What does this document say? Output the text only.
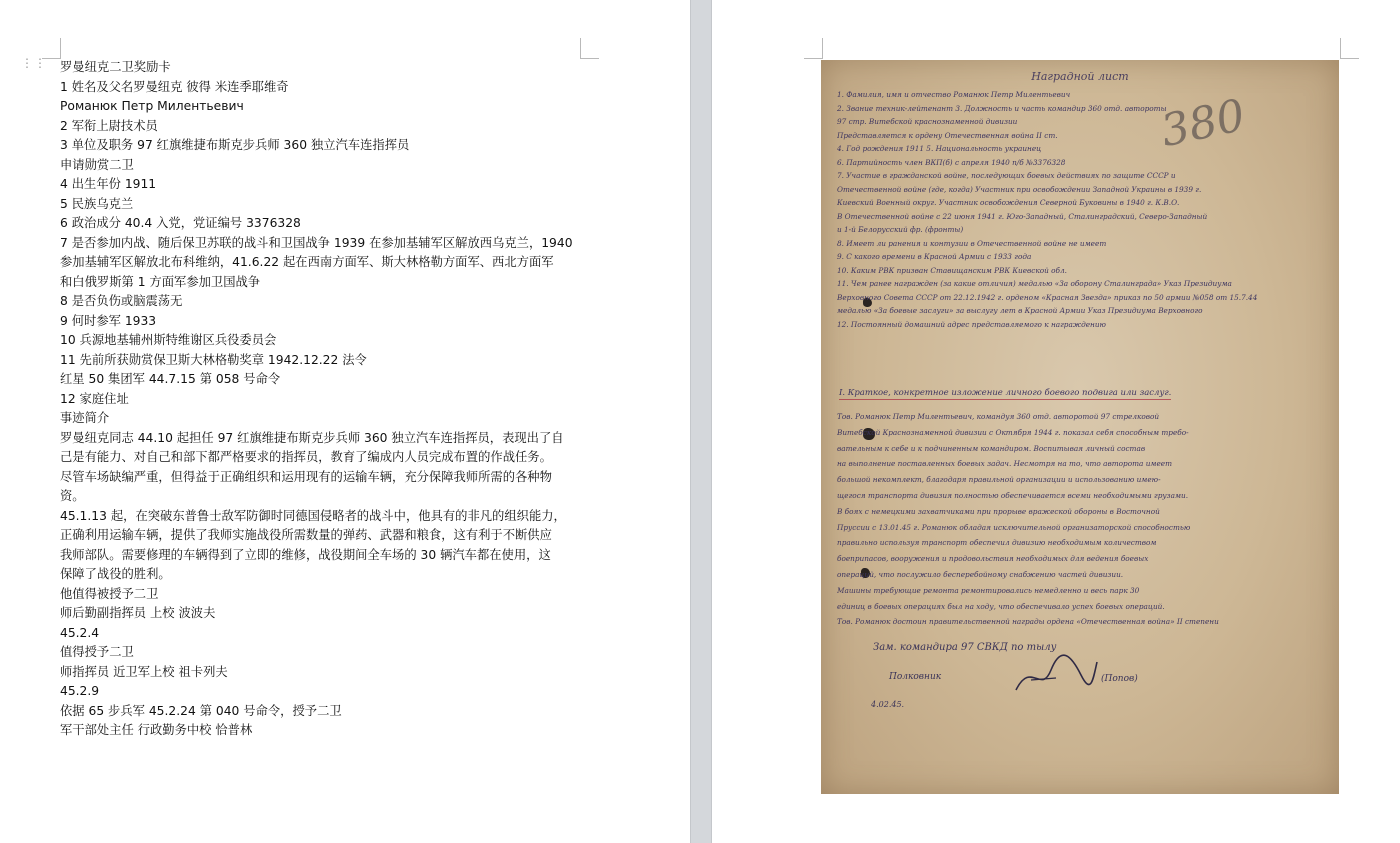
⋮⋮ 罗曼纽克二卫奖励卡

1 姓名及父名罗曼纽克 彼得 米连季耶维奇

Романюк Петр Милентьевич

2 军衔上尉技术员

3 单位及职务 97 红旗维捷布斯克步兵师 360 独立汽车连指挥员

申请勋赏二卫

4 出生年份 1911

5 民族乌克兰

6 政治成分 40.4 入党，党证编号 3376328

7 是否参加内战、随后保卫苏联的战斗和卫国战争 1939 在参加基辅军区解放西乌克兰，1940

参加基辅军区解放北布科维纳，41.6.22 起在西南方面军、斯大林格勒方面军、西北方面军

和白俄罗斯第 1 方面军参加卫国战争

8 是否负伤或脑震荡无

9 何时参军 1933

10 兵源地基辅州斯特维谢区兵役委员会

11 先前所获勋赏保卫斯大林格勒奖章 1942.12.22 法令

红星 50 集团军 44.7.15 第 058 号命令

12 家庭住址

事迹简介

罗曼纽克同志 44.10 起担任 97 红旗维捷布斯克步兵师 360 独立汽车连指挥员，表现出了自

己是有能力、对自己和部下都严格要求的指挥员，教育了编成内人员完成布置的作战任务。

尽管车场缺编严重，但得益于正确组织和运用现有的运输车辆，充分保障我师所需的各种物

资。

45.1.13 起，在突破东普鲁士敌军防御时同德国侵略者的战斗中，他具有的非凡的组织能力，

正确利用运输车辆，提供了我师实施战役所需数量的弹药、武器和粮食，这有利于不断供应

我师部队。需要修理的车辆得到了立即的维修，战役期间全车场的 30 辆汽车都在使用，这

保障了战役的胜利。

他值得被授予二卫

师后勤副指挥员 上校 波波夫

45.2.4

值得授予二卫

师指挥员 近卫军上校 祖卡列夫

45.2.9

依据 65 步兵军 45.2.24 第 040 号命令，授予二卫

军干部处主任 行政勤务中校 恰普林

Наградной лист
380
I. Краткое, конкретное изложение личного боевого подвига или заслуг.
Зам. командира 97 СВКД по тылу
Полковник	(Попов)
4.02.45.
1. Фамилия, имя и отчество Романюк Петр Милентьевич
2. Звание техник-лейтенант 3. Должность и часть командир 360 отд. автороты
97 стр. Витебской краснознаменной дивизии
Представляется к ордену Отечественная война II ст.
4. Год рождения 1911 5. Национальность украинец
6. Партийность член ВКП(б) с апреля 1940 п/б №3376328
7. Участие в гражданской войне, последующих боевых действиях по защите СССР и
Отечественной войне (где, когда) Участник при освобождении Западной Украины в 1939 г.
Киевский Военный округ. Участник освобождения Северной Буковины в 1940 г. К.В.О.
В Отечественной войне с 22 июня 1941 г. Юго-Западный, Сталинградский, Северо-Западный
и 1-й Белорусский фр. (фронты)
8. Имеет ли ранения и контузии в Отечественной войне не имеет
9. С какого времени в Красной Армии с 1933 года
10. Каким РВК призван Ставищанским РВК Киевской обл.
11. Чем ранее награжден (за какие отличия) медалью «За оборону Сталинграда» Указ Президиума
Верховного Совета СССР от 22.12.1942 г. орденом «Красная Звезда» приказ по 50 армии №058 от 15.7.44
медалью «За боевые заслуги» за выслугу лет в Красной Армии Указ Президиума Верховного
12. Постоянный домашний адрес представляемого к награждению
Тов. Романюк Петр Милентьевич, командуя 360 отд. авторотой 97 стрелковой
Витебской Краснознаменной дивизии с Октября 1944 г. показал себя способным требо-
вательным к себе и к подчиненным командиром. Воспитывая личный состав
на выполнение поставленных боевых задач. Несмотря на то, что авторота имеет
большой некомплект, благодаря правильной организации и использованию имею-
щегося транспорта дивизия полностью обеспечивается всеми необходимыми грузами.
В боях с немецкими захватчиками при прорыве вражеской обороны в Восточной
Пруссии с 13.01.45 г. Романюк обладая исключительной организаторской способностью
правильно используя транспорт обеспечил дивизию необходимым количеством
боеприпасов, вооружения и продовольствия необходимых для ведения боевых
операций, что послужило бесперебойному снабжению частей дивизии.
Машины требующие ремонта ремонтировались немедленно и весь парк 30
единиц в боевых операциях был на ходу, что обеспечивало успех боевых операций.
Тов. Романюк достоин правительственной награды ордена «Отечественная война» II степени
